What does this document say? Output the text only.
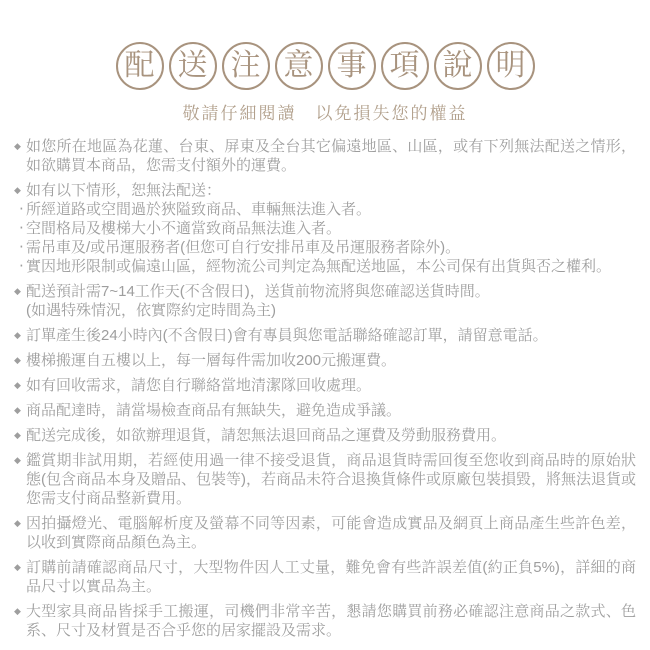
配 送 注 意 事 項 說 明
敬請仔細閱讀　以免損失您的權益
◆ 如您所在地區為花蓮、台東、屏東及全台其它偏遠地區、山區，或有下列無法配送之情形，如欲購買本商品，您需支付額外的運費。
◆ 如有以下情形，恕無法配送：
‧ 所經道路或空間過於狹隘致商品、車輛無法進入者。
‧ 空間格局及樓梯大小不適當致商品無法進入者。
‧ 需吊車及/或吊運服務者(但您可自行安排吊車及吊運服務者除外)。
‧ 實因地形限制或偏遠山區，經物流公司判定為無配送地區，本公司保有出貨與否之權利。
◆ 配送預計需7~14工作天(不含假日)，送貨前物流將與您確認送貨時間。
(如遇特殊情況，依實際約定時間為主)
◆ 訂單產生後24小時內(不含假日)會有專員與您電話聯絡確認訂單，請留意電話。
◆ 樓梯搬運自五樓以上，每一層每件需加收200元搬運費。
◆ 如有回收需求，請您自行聯絡當地清潔隊回收處理。
◆ 商品配達時，請當場檢查商品有無缺失，避免造成爭議。
◆ 配送完成後，如欲辦理退貨，請恕無法退回商品之運費及勞動服務費用。
◆ 鑑賞期非試用期，若經使用過一律不接受退貨，商品退貨時需回復至您收到商品時的原始狀態(包含商品本身及贈品、包裝等)，若商品未符合退換貨條件或原廠包裝損毀，將無法退貨或您需支付商品整新費用。
◆ 因拍攝燈光、電腦解析度及螢幕不同等因素，可能會造成實品及網頁上商品產生些許色差，以收到實際商品顏色為主。
◆ 訂購前請確認商品尺寸，大型物件因人工丈量，難免會有些許誤差值(約正負5%)，詳細的商品尺寸以實品為主。
◆ 大型家具商品皆採手工搬運，司機們非常辛苦，懇請您購買前務必確認注意商品之款式、色系、尺寸及材質是否合乎您的居家擺設及需求。
